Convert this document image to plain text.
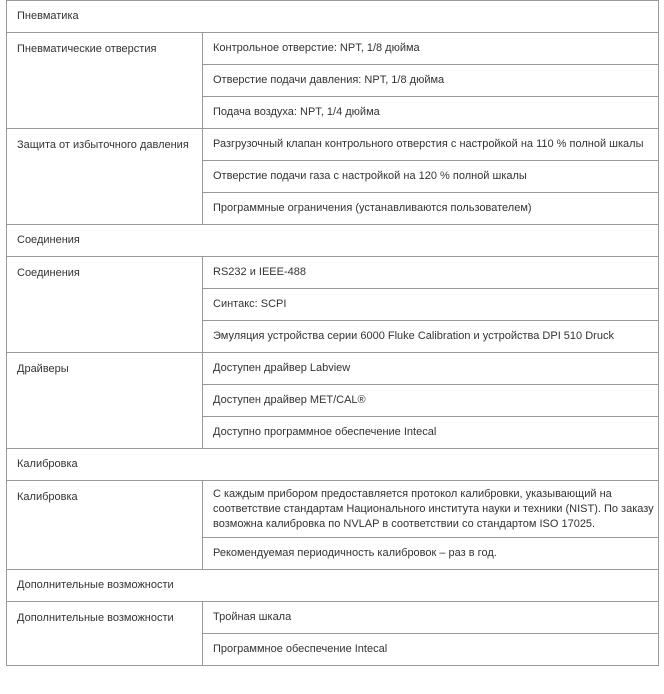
Пневматика	
Пневматические отверстия	Контрольное отверстие: NPT, 1/8 дюйма
	Отверстие подачи давления: NPT, 1/8 дюйма
	Подача воздуха: NPT, 1/4 дюйма
Защита от избыточного давления	Разгрузочный клапан контрольного отверстия с настройкой на 110 % полной шкалы
	Отверстие подачи газа с настройкой на 120 % полной шкалы
	Программные ограничения (устанавливаются пользователем)
Соединения	
Соединения	RS232 и IEEE-488
	Синтакс: SCPI
	Эмуляция устройства серии 6000 Fluke Calibration и устройства DPI 510 Druck
Драйверы	Доступен драйвер Labview
	Доступен драйвер MET/CAL®
	Доступно программное обеспечение Intecal
Калибровка	
Калибровка	С каждым прибором предоставляется протокол калибровки, указывающий на соответствие стандартам Национального института науки и техники (NIST). По заказу возможна калибровка по NVLAP в соответствии со стандартом ISO 17025.
	Рекомендуемая периодичность калибровок – раз в год.
Дополнительные возможности	
Дополнительные возможности	Тройная шкала
	Программное обеспечение Intecal
